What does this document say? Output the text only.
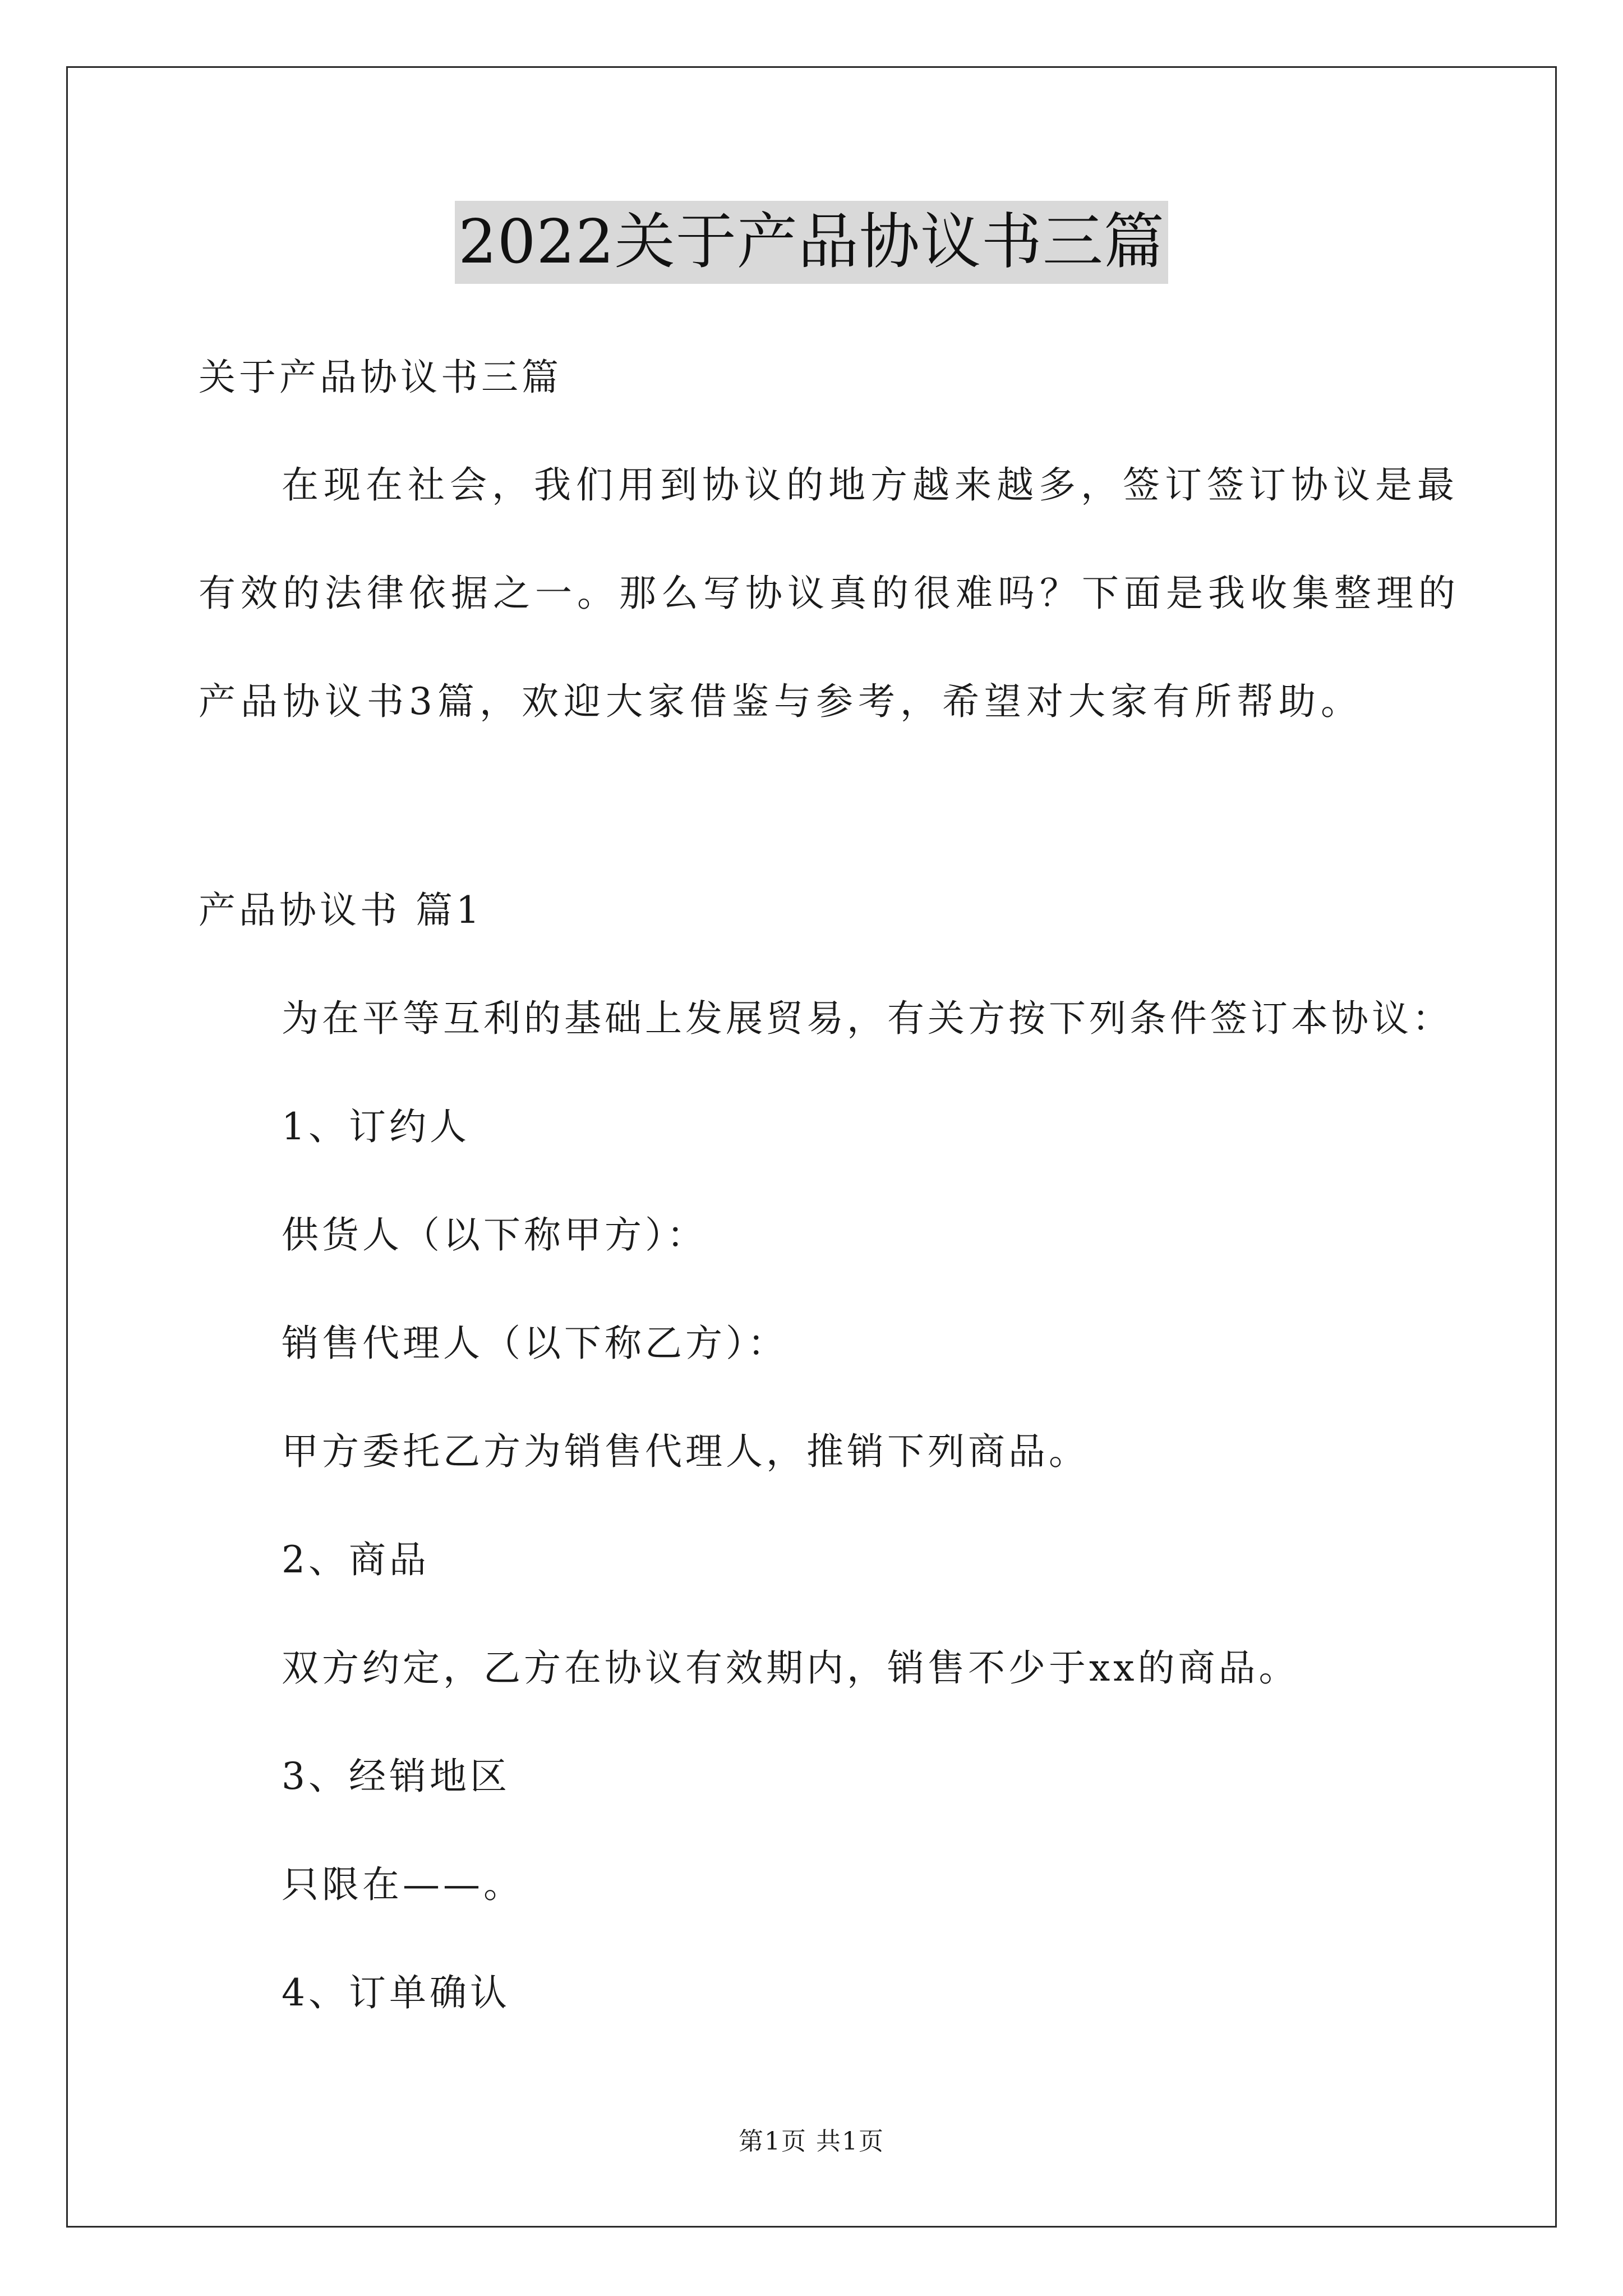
2022关于产品协议书三篇
关于产品协议书三篇
在现在社会，我们用到协议的地方越来越多，签订签订协议是最
有效的法律依据之一。那么写协议真的很难吗？下面是我收集整理的
产品协议书3篇，欢迎大家借鉴与参考，希望对大家有所帮助。
产品协议书 篇1
为在平等互利的基础上发展贸易，有关方按下列条件签订本协议：
1、订约人
供货人（以下称甲方）：
销售代理人（以下称乙方）：
甲方委托乙方为销售代理人，推销下列商品。
2、商品
双方约定，乙方在协议有效期内，销售不少于xx的商品。
3、经销地区
只限在——。
4、订单确认
第1页 共1页
